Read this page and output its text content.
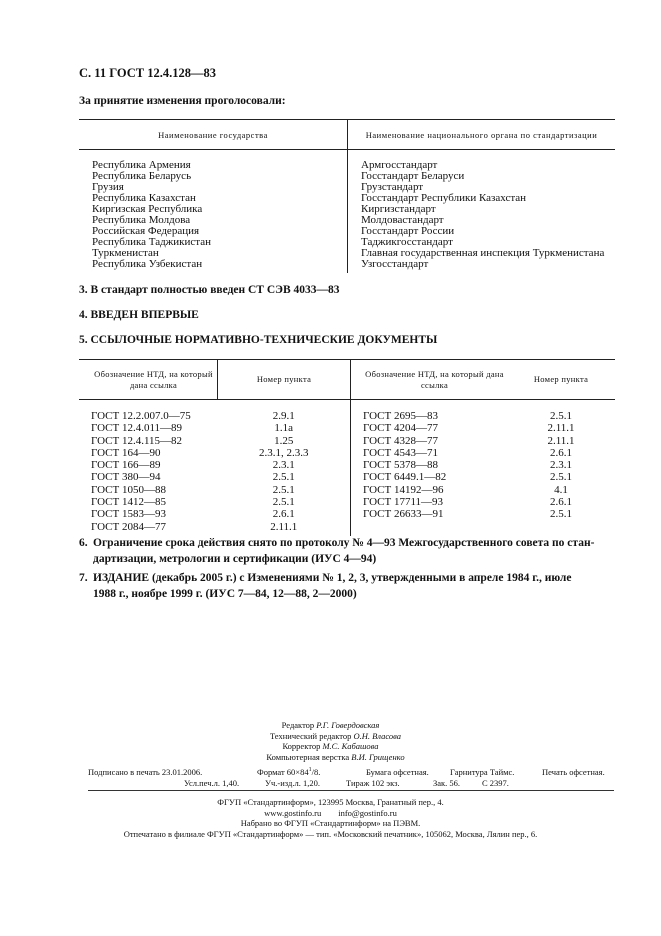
С. 11 ГОСТ 12.4.128—83
За принятие изменения проголосовали:
Наименование государства	Наименование национального органа по стандартизации
Республика Армения	Армгосстандарт
Республика Беларусь	Госстандарт Беларуси
Грузия	Грузстандарт
Республика Казахстан	Госстандарт Республики Казахстан
Киргизская Республика	Киргизстандарт
Республика Молдова	Молдовастандарт
Российская Федерация	Госстандарт России
Республика Таджикистан	Таджикгосстандарт
Туркменистан	Главная государственная инспекция Туркменистана
Республика Узбекистан	Узгосстандарт
3. В стандарт полностью введен СТ СЭВ 4033—83
4. ВВЕДЕН ВПЕРВЫЕ
5. ССЫЛОЧНЫЕ НОРМАТИВНО-ТЕХНИЧЕСКИЕ ДОКУМЕНТЫ
Обозначение НТД, на который дана ссылка	Номер пункта	Обозначение НТД, на который дана ссылка	Номер пункта
ГОСТ 12.2.007.0—75	2.9.1	ГОСТ 2695—83	2.5.1
ГОСТ 12.4.011—89	1.1а	ГОСТ 4204—77	2.11.1
ГОСТ 12.4.115—82	1.25	ГОСТ 4328—77	2.11.1
ГОСТ 164—90	2.3.1, 2.3.3	ГОСТ 4543—71	2.6.1
ГОСТ 166—89	2.3.1	ГОСТ 5378—88	2.3.1
ГОСТ 380—94	2.5.1	ГОСТ 6449.1—82	2.5.1
ГОСТ 1050—88	2.5.1	ГОСТ 14192—96	4.1
ГОСТ 1412—85	2.5.1	ГОСТ 17711—93	2.6.1
ГОСТ 1583—93	2.6.1	ГОСТ 26633—91	2.5.1
ГОСТ 2084—77	2.11.1		
6. Ограничение срока действия снято по протоколу № 4—93 Межгосударственного совета по стан-
дартизации, метрологии и сертификации (ИУС 4—94)
7. ИЗДАНИЕ (декабрь 2005 г.) с Изменениями № 1, 2, 3, утвержденными в апреле 1984 г., июле
1988 г., ноябре 1999 г. (ИУС 7—84, 12—88, 2—2000)
Редактор Р.Г. Говердовская
Технический редактор О.Н. Власова
Корректор М.С. Кабашова
Компьютерная верстка В.И. Грищенко
Подписано в печать 23.01.2006.	Формат $60\times 84^1/8$.	Бумага офсетная. Гарнитура Таймс.	Печать офсетная.
Усл.печ.л. 1,40.	Уч.-изд.л. 1,20.	Тираж 102 экз.	Зак. 56.	С 2397.
ФГУП «Стандартинформ», 123995 Москва, Гранатный пер., 4.
www.gostinfo.ru        info@gostinfo.ru
Набрано во ФГУП «Стандартинформ» на ПЭВМ.
Отпечатано в филиале ФГУП «Стандартинформ» — тип. «Московский печатник», 105062, Москва, Лялин пер., 6.
